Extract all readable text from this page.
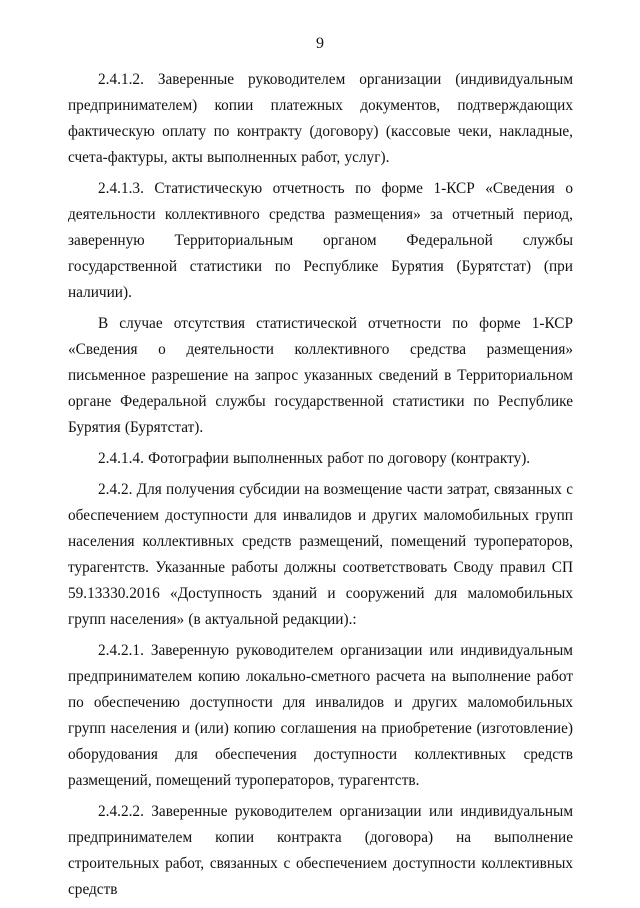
9

2.4.1.2. Заверенные руководителем организации (индивидуальным предпринимателем) копии платежных документов, подтверждающих фактическую оплату по контракту (договору) (кассовые чеки, накладные, счета-фактуры, акты выполненных работ, услуг).

2.4.1.3. Статистическую отчетность по форме 1-КСР «Сведения о деятельности коллективного средства размещения» за отчетный период, заверенную Территориальным органом Федеральной службы государственной статистики по Республике Бурятия (Бурятстат) (при наличии).

В случае отсутствия статистической отчетности по форме 1-КСР «Сведения о деятельности коллективного средства размещения» письменное разрешение на запрос указанных сведений в Территориальном органе Федеральной службы государственной статистики по Республике Бурятия (Бурятстат).

2.4.1.4. Фотографии выполненных работ по договору (контракту).

2.4.2. Для получения субсидии на возмещение части затрат, связанных с обеспечением доступности для инвалидов и других маломобильных групп населения коллективных средств размещений, помещений туроператоров, турагентств. Указанные работы должны соответствовать Своду правил СП 59.13330.2016 «Доступность зданий и сооружений для маломобильных групп населения» (в актуальной редакции).:

2.4.2.1. Заверенную руководителем организации или индивидуальным предпринимателем копию локально-сметного расчета на выполнение работ по обеспечению доступности для инвалидов и других маломобильных групп населения и (или) копию соглашения на приобретение (изготовление) оборудования для обеспечения доступности коллективных средств размещений, помещений туроператоров, турагентств.

2.4.2.2. Заверенные руководителем организации или индивидуальным предпринимателем копии контракта (договора) на выполнение строительных работ, связанных с обеспечением доступности коллективных средств
